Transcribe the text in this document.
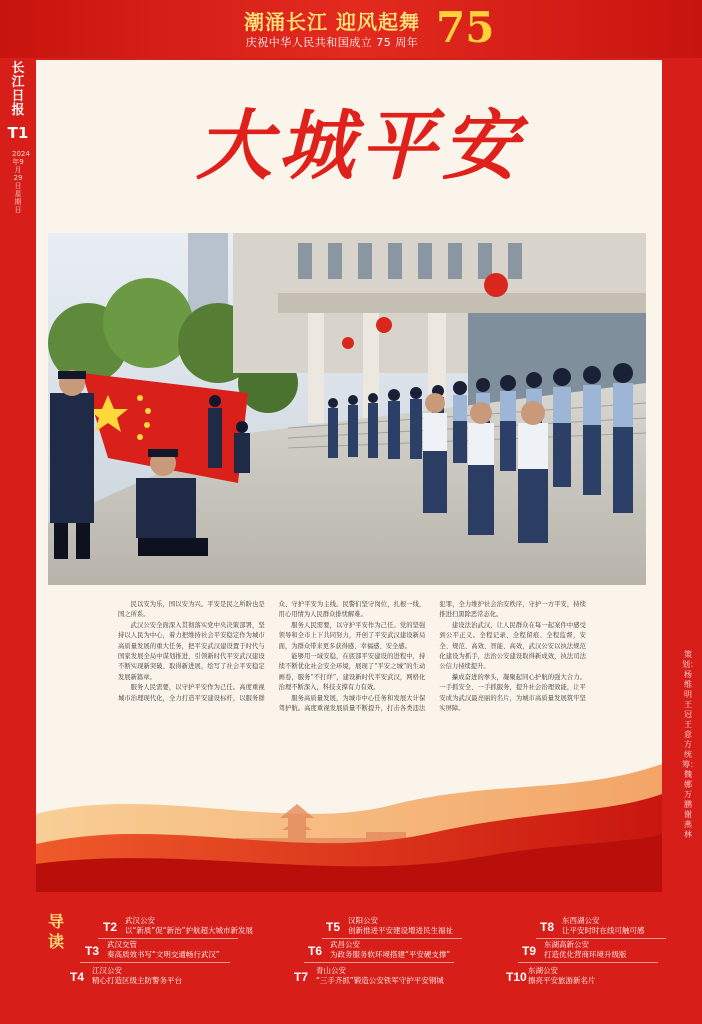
潮涌长江 迎风起舞
庆祝中华人民共和国成立 75 周年 75
长江日报
T1
2024年9月29日 星期日
大城平安

民以安为乐，国以安为兴。平安是民之所盼也是国之所系。

武汉公安全面深入贯彻落实党中央决策部署，坚持以人民为中心，着力把维持社会平安稳定作为城市高质量发展的重大任务，把平安武汉建设置于时代与国家发展全局中谋划推进，引领新时代平安武汉建设不断实现新突破、取得新进展，绘写了社会平安稳定发展新篇章。

服务人民需要，以守护平安作为己任。高度重视城市治理现代化，全力打造平安建设标杆，以服务群众、守护平安为主线。民警们坚守岗位，扎根一线，用心用情为人民群众排忧解难。

服务人民需要，以守护平安作为己任。党的坚强领导和全市上下共同努力，开创了平安武汉建设新局面，为群众带来更多获得感、幸福感、安全感。

能够用一域安稳，在底部平安建设的进程中，持续不断优化社会安全环境，展现了“平安之城”的生动画卷，服务“不打烊”，建设新时代平安武汉，网格化治理不断深入，科技支撑有力有效。

服务高质量发展，为城市中心任务和发展大计保驾护航。高度重视发展质量不断提升，打击各类违法犯罪，全力维护社会治安秩序，守护一方平安，持续推进扫黑除恶常态化。

建设法治武汉，让人民群众在每一起案件中感受到公平正义。全程记录、全程留痕、全程监督，安全、规范、高效、智能、高效，武汉公安以执法规范化建设为抓手，法治公安建设取得新成效，执法司法公信力持续提升。

攥成奋进的拳头，凝聚起同心护航的强大合力。一手抓安全、一手抓服务，提升社会治理效能，让平安成为武汉最亮丽的名片，为城市高质量发展筑牢坚实屏障。

策划：杨维明 王冠 王意方 统筹：魏娜 万鹏 谢燕林
导读
T2 武汉公安
以“新质”促“新治”护航超大城市新发展
T3 武汉交管
奏高质效书写“文明交通畅行武汉”
T4 江汉公安
精心打造区级主防警务平台
T5 汉阳公安
创新推进平安建设增进民生福祉
T6 武昌公安
为政务服务软环境搭建“平安硬支撑”
T7 青山公安
“三手齐抓”锻造公安铁军守护平安钢城
T8 东西湖公安
让平安时时在线可触可感
T9 东湖高新公安
打造优化营商环境升级版
T10 东湖公安
擦亮平安旅游新名片
